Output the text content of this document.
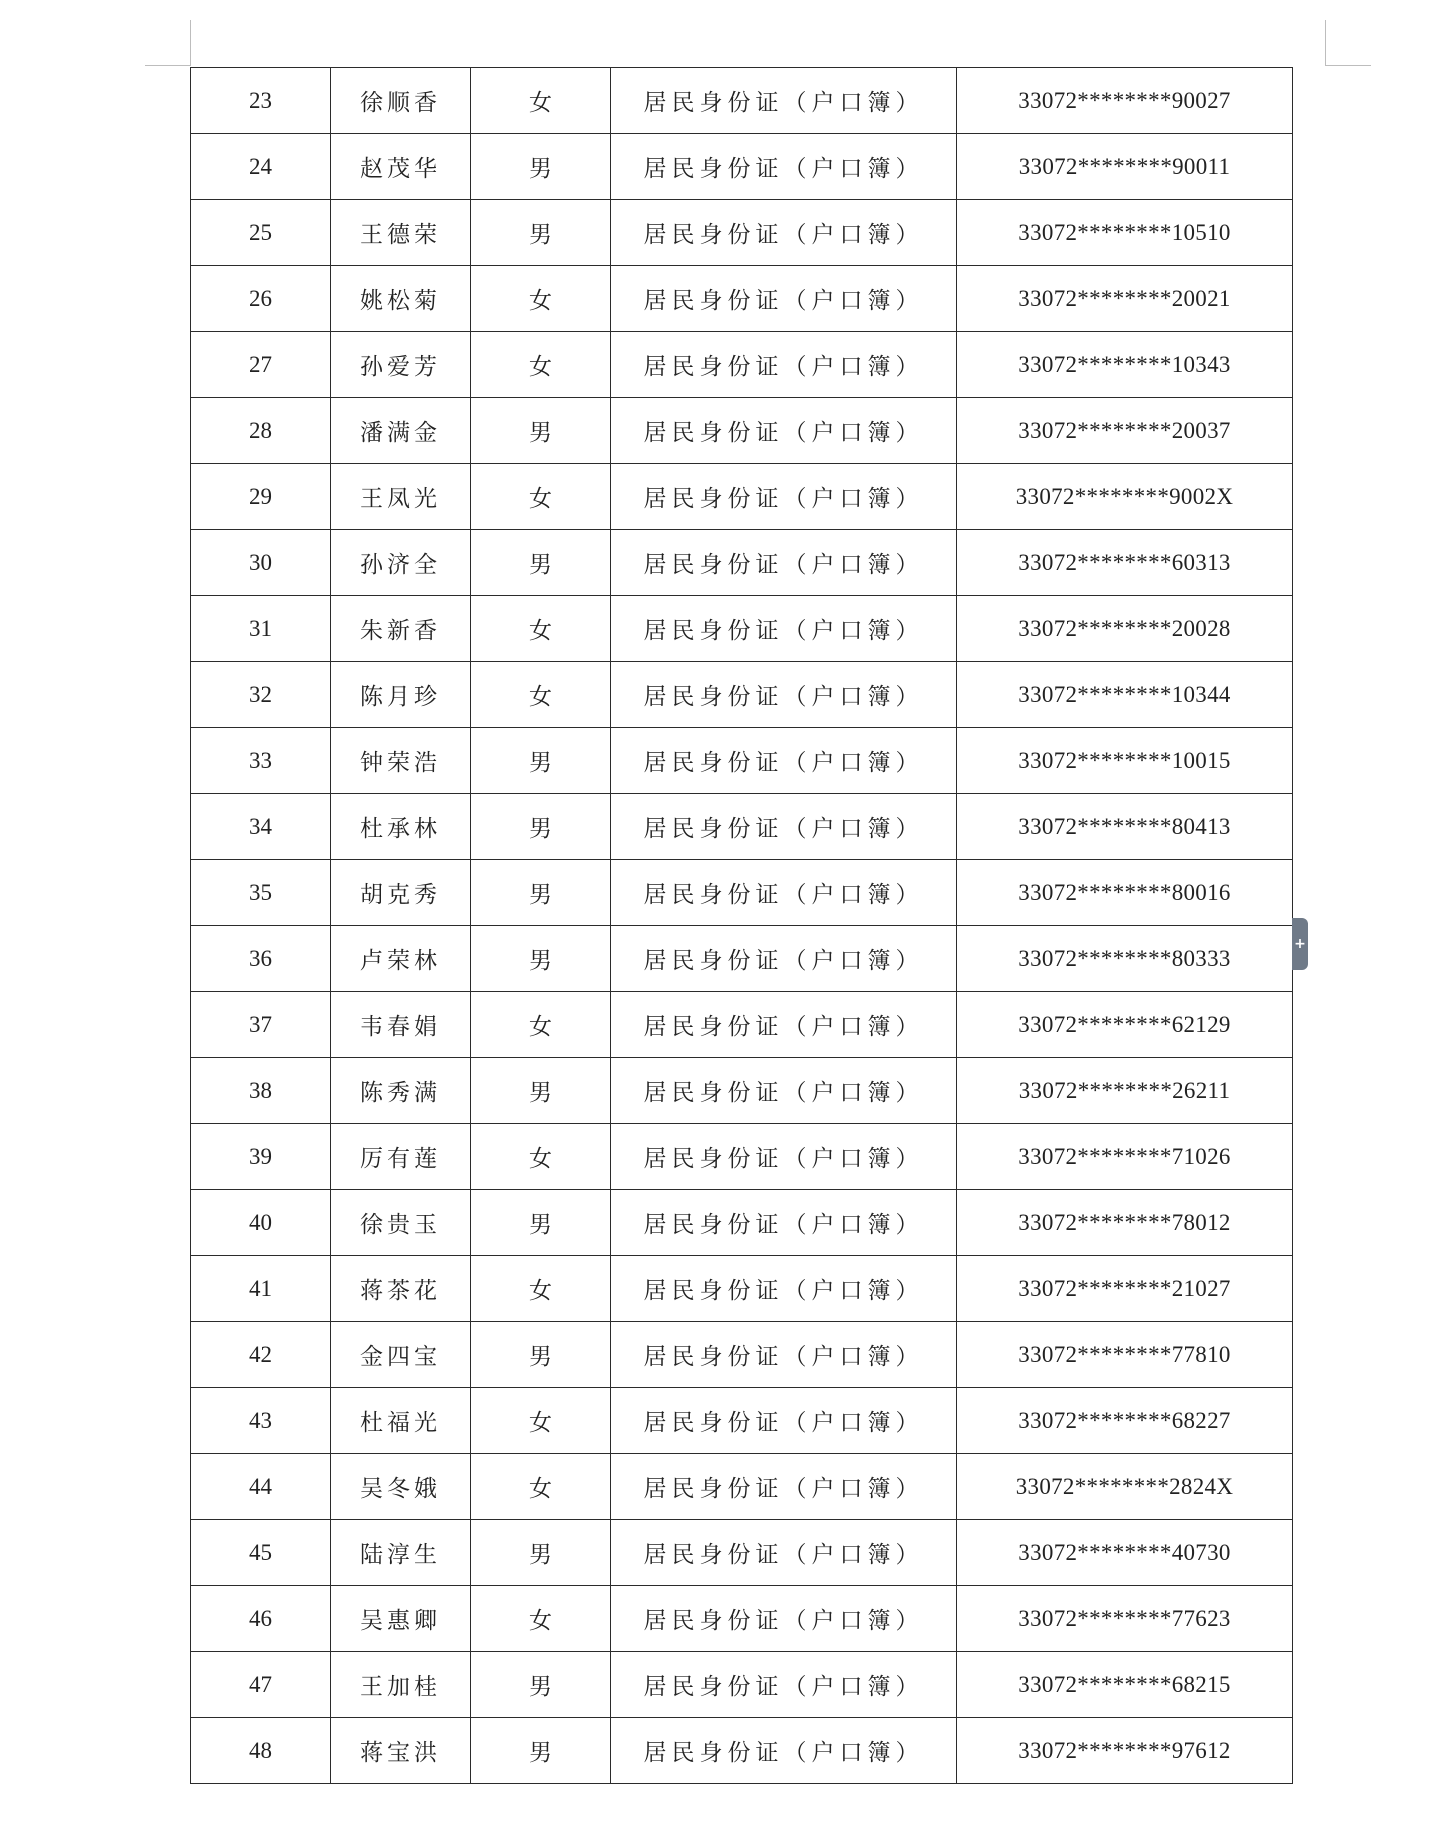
23	徐顺香	女	居民身份证（户口簿）	33072********90027
24	赵茂华	男	居民身份证（户口簿）	33072********90011
25	王德荣	男	居民身份证（户口簿）	33072********10510
26	姚松菊	女	居民身份证（户口簿）	33072********20021
27	孙爱芳	女	居民身份证（户口簿）	33072********10343
28	潘满金	男	居民身份证（户口簿）	33072********20037
29	王凤光	女	居民身份证（户口簿）	33072********9002X
30	孙济全	男	居民身份证（户口簿）	33072********60313
31	朱新香	女	居民身份证（户口簿）	33072********20028
32	陈月珍	女	居民身份证（户口簿）	33072********10344
33	钟荣浩	男	居民身份证（户口簿）	33072********10015
34	杜承林	男	居民身份证（户口簿）	33072********80413
35	胡克秀	男	居民身份证（户口簿）	33072********80016
36	卢荣林	男	居民身份证（户口簿）	33072********80333
37	韦春娟	女	居民身份证（户口簿）	33072********62129
38	陈秀满	男	居民身份证（户口簿）	33072********26211
39	厉有莲	女	居民身份证（户口簿）	33072********71026
40	徐贵玉	男	居民身份证（户口簿）	33072********78012
41	蒋茶花	女	居民身份证（户口簿）	33072********21027
42	金四宝	男	居民身份证（户口簿）	33072********77810
43	杜福光	女	居民身份证（户口簿）	33072********68227
44	吴冬娥	女	居民身份证（户口簿）	33072********2824X
45	陆淳生	男	居民身份证（户口簿）	33072********40730
46	吴惠卿	女	居民身份证（户口簿）	33072********77623
47	王加桂	男	居民身份证（户口簿）	33072********68215
48	蒋宝洪	男	居民身份证（户口簿）	33072********97612
+
